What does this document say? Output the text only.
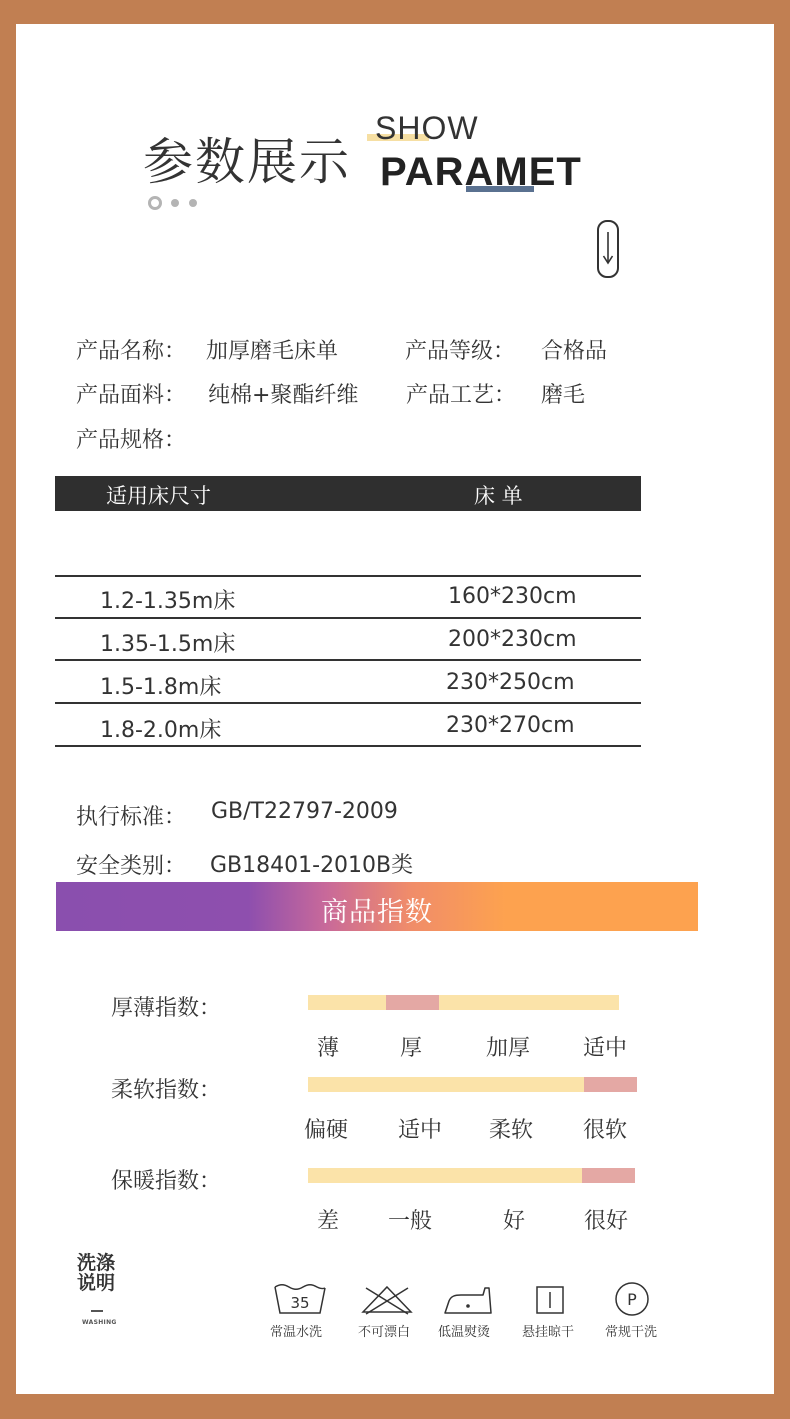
参数展示
SHOW
PARAMET
产品名称： 加厚磨毛床单	产品等级： 合格品
产品面料： 纯棉+聚酯纤维 产品工艺： 磨毛
产品规格：
适用床尺寸	床 单
1.2-1.35m床	160*230cm
1.35-1.5m床	200*230cm
1.5-1.8m床	230*250cm
1.8-2.0m床	230*270cm
执行标准： GB/T22797-2009
安全类别： GB18401-2010B类
商品指数
厚薄指数：
薄	厚	加厚 适中
柔软指数：
偏硬 适中 柔软 很软
保暖指数：
差 一般	好	很好
洗涤
说明
WASHING
35
常温水洗	不可漂白 低温熨烫 悬挂晾干
P
常规干洗
